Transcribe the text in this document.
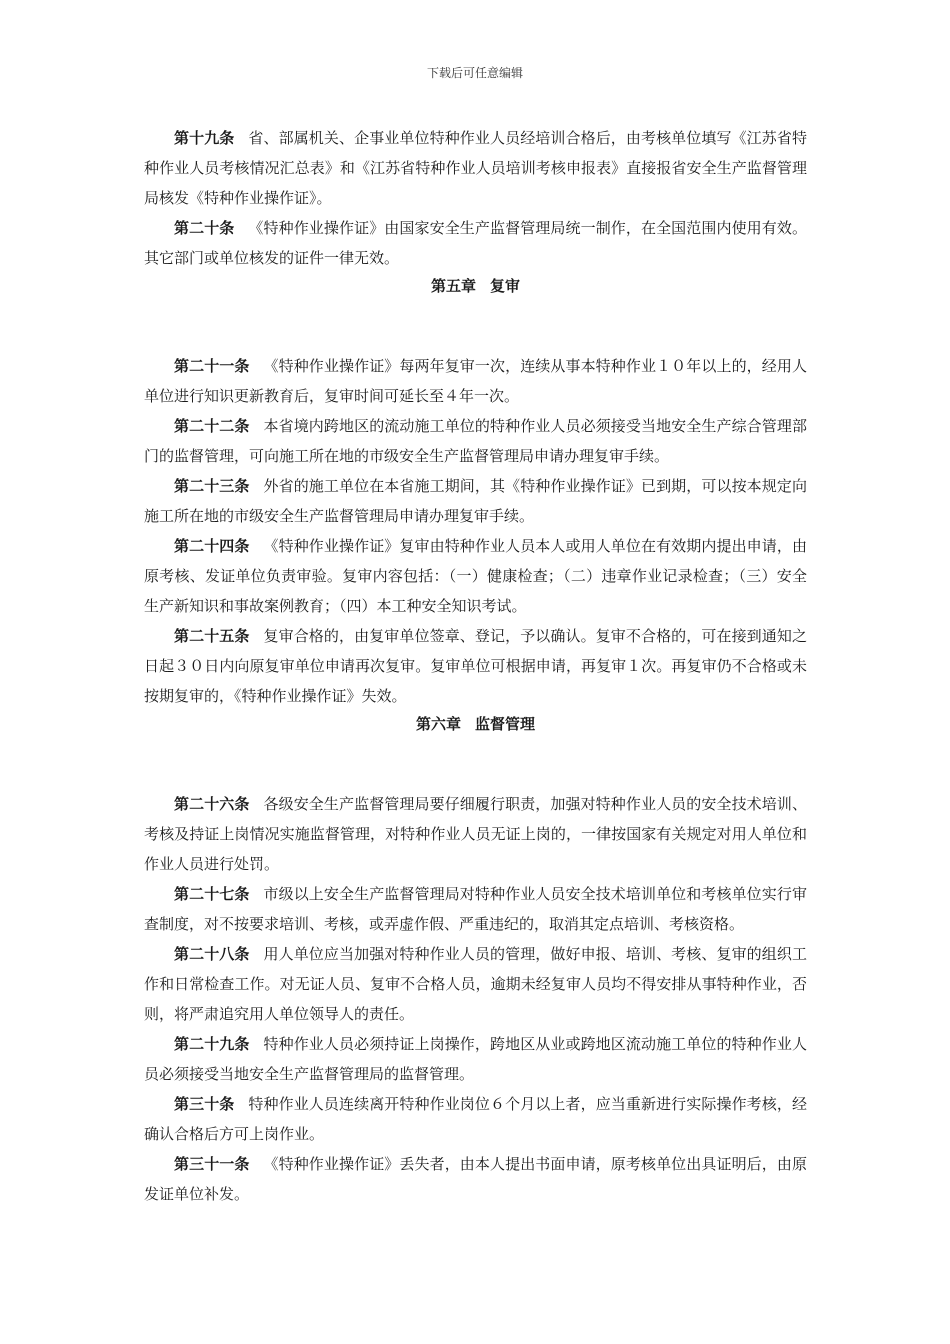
下载后可任意编辑

第十九条 省、部属机关、企事业单位特种作业人员经培训合格后，由考核单位填写《江苏省特种作业人员考核情况汇总表》和《江苏省特种作业人员培训考核申报表》直接报省安全生产监督管理局核发《特种作业操作证》。

第二十条 《特种作业操作证》由国家安全生产监督管理局统一制作，在全国范围内使用有效。其它部门或单位核发的证件一律无效。

第五章 复审

第二十一条 《特种作业操作证》每两年复审一次，连续从事本特种作业１０年以上的，经用人单位进行知识更新教育后，复审时间可延长至４年一次。

第二十二条 本省境内跨地区的流动施工单位的特种作业人员必须接受当地安全生产综合管理部门的监督管理，可向施工所在地的市级安全生产监督管理局申请办理复审手续。

第二十三条 外省的施工单位在本省施工期间，其《特种作业操作证》已到期，可以按本规定向施工所在地的市级安全生产监督管理局申请办理复审手续。

第二十四条 《特种作业操作证》复审由特种作业人员本人或用人单位在有效期内提出申请，由原考核、发证单位负责审验。复审内容包括：（一）健康检查；（二）违章作业记录检查；（三）安全生产新知识和事故案例教育；（四）本工种安全知识考试。

第二十五条 复审合格的，由复审单位签章、登记，予以确认。复审不合格的，可在接到通知之日起３０日内向原复审单位申请再次复审。复审单位可根据申请，再复审１次。再复审仍不合格或未按期复审的，《特种作业操作证》失效。

第六章 监督管理

第二十六条 各级安全生产监督管理局要仔细履行职责，加强对特种作业人员的安全技术培训、考核及持证上岗情况实施监督管理，对特种作业人员无证上岗的，一律按国家有关规定对用人单位和作业人员进行处罚。

第二十七条 市级以上安全生产监督管理局对特种作业人员安全技术培训单位和考核单位实行审查制度，对不按要求培训、考核，或弄虚作假、严重违纪的，取消其定点培训、考核资格。

第二十八条 用人单位应当加强对特种作业人员的管理，做好申报、培训、考核、复审的组织工作和日常检查工作。对无证人员、复审不合格人员，逾期未经复审人员均不得安排从事特种作业，否则，将严肃追究用人单位领导人的责任。

第二十九条 特种作业人员必须持证上岗操作，跨地区从业或跨地区流动施工单位的特种作业人员必须接受当地安全生产监督管理局的监督管理。

第三十条 特种作业人员连续离开特种作业岗位６个月以上者，应当重新进行实际操作考核，经确认合格后方可上岗作业。

第三十一条 《特种作业操作证》丢失者，由本人提出书面申请，原考核单位出具证明后，由原发证单位补发。
